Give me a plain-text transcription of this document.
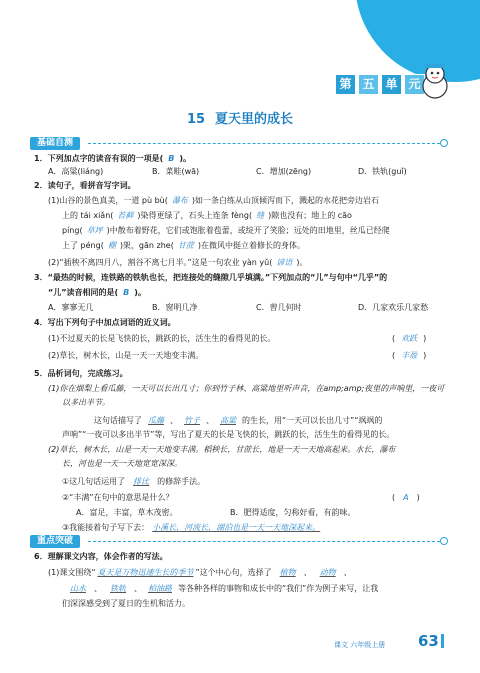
第 五 单 元
15 夏天里的成长
基础自测
1．下列加点字的读音有误的一项是( B )。
A．高粱(liáng)	B．菜畦(wā)	C．增加(zēng)	D．铁轨(guǐ)
2．读句子，看拼音写字词。
(1)山谷的景色真美，一道 pù bù( 瀑布 )如一条白练从山顶倾泻而下，溅起的水花把旁边岩石
上的 tái xiǎn( 苔藓 )染得更绿了，石头上连条 fèng( 缝 )隙也没有；地上的 cāo
píng( 草坪 )中散布着野花，它们或饱胀着苞蕾，或绽开了笑脸；远处的田地里，丝瓜已经爬
上了 péng( 棚 )架，gān zhe( 甘蔗 )在微风中挺立着修长的身体。
(2)“插秧不离四月八，割谷不离七月半。”这是一句农业 yàn yǔ( 谚语 )。
3．“最热的时候，连铁路的铁轨也长，把连接处的缝隙几乎填满。”下列加点的“儿”与句中“几乎”的
“儿”读音相同的是( B )。
A．寥寥无几	B．窗明几净	C．曾几何时	D．几家欢乐几家愁
4．写出下列句子中加点词语的近义词。
(1)不过夏天的长是飞快的长，跳跃的长，活生生的看得见的长。	( 欢跃 )
(2)草长，树木长，山是一天一天地变丰满。	( 丰盈 )
5．品析词句，完成练习。
(1)你在烟梨上看瓜藤，一天可以长出几寸；你到竹子林、高粱地里听声音，在amp;amp;夜里的声响里，一夜可
以多出半节。
这句话描写了 瓜藤 、 竹子 、 高粱 的生长，用“一天可以长出几寸”“飒飒的
声响”“一夜可以多出半节”等，写出了夏天的长是飞快的长，跳跃的长，活生生的看得见的长。
(2)草长，树木长，山是一天一天地变丰满。稻秧长，甘蔗长，地是一天一天地高起来。水长，瀑布
长，河也是一天一天地宽宽深深。
①这几句话运用了 排比 的修辞手法。
②“丰满”在句中的意思是什么？	( A )
A．富足，丰富，草木茂密。	B．肥得适度，匀称好看，有韵味。
③我能接着句子写下去： 小溪长，河流长，湖泊也是一天一天地深起来。
重点突破
6．理解课文内容，体会作者的写法。
(1)课文围绕“ 夏天是万物迅速生长的季节 ”这个中心句，选择了 植物 、 动物 、
山水 、 铁轨 、 柏油路 等各种各样的事物和成长中的“我们”作为例子来写，让我
们深深感受到了夏日的生机和活力。
课文 六年级上册 63
